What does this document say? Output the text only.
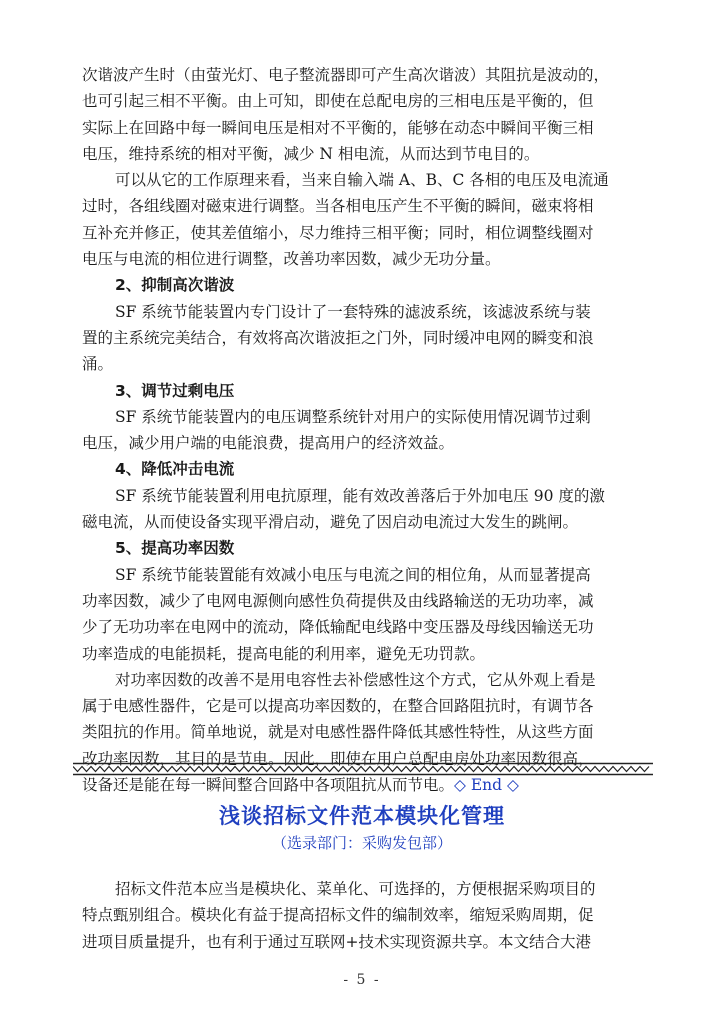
次谐波产生时（由萤光灯、电子整流器即可产生高次谐波）其阻抗是波动的，

也可引起三相不平衡。由上可知，即使在总配电房的三相电压是平衡的，但

实际上在回路中每一瞬间电压是相对不平衡的，能够在动态中瞬间平衡三相

电压，维持系统的相对平衡，减少 N 相电流，从而达到节电目的。

可以从它的工作原理来看，当来自输入端 A、B、C 各相的电压及电流通

过时，各组线圈对磁束进行调整。当各相电压产生不平衡的瞬间，磁束将相

互补充并修正，使其差值缩小，尽力维持三相平衡；同时，相位调整线圈对

电压与电流的相位进行调整，改善功率因数，减少无功分量。

2、抑制高次谐波

SF 系统节能装置内专门设计了一套特殊的滤波系统，该滤波系统与装

置的主系统完美结合，有效将高次谐波拒之门外，同时缓冲电网的瞬变和浪

涌。

3、调节过剩电压

SF 系统节能装置内的电压调整系统针对用户的实际使用情况调节过剩

电压，减少用户端的电能浪费，提高用户的经济效益。

4、降低冲击电流

SF 系统节能装置利用电抗原理，能有效改善落后于外加电压 90 度的激

磁电流，从而使设备实现平滑启动，避免了因启动电流过大发生的跳闸。

5、提高功率因数

SF 系统节能装置能有效减小电压与电流之间的相位角，从而显著提高

功率因数，减少了电网电源侧向感性负荷提供及由线路输送的无功功率，减

少了无功功率在电网中的流动，降低输配电线路中变压器及母线因输送无功

功率造成的电能损耗，提高电能的利用率，避免无功罚款。

对功率因数的改善不是用电容性去补偿感性这个方式，它从外观上看是

属于电感性器件，它是可以提高功率因数的，在整合回路阻抗时，有调节各

类阻抗的作用。简单地说，就是对电感性器件降低其感性特性，从这些方面

改功率因数，其目的是节电。因此，即使在用户总配电房处功率因数很高，

设备还是能在每一瞬间整合回路中各项阻抗从而节电。◇ End ◇

浅谈招标文件范本模块化管理

（选录部门：采购发包部）

招标文件范本应当是模块化、菜单化、可选择的，方便根据采购项目的

特点甄别组合。模块化有益于提高招标文件的编制效率，缩短采购周期，促

进项目质量提升，也有利于通过互联网+技术实现资源共享。本文结合大港

- 5 -
